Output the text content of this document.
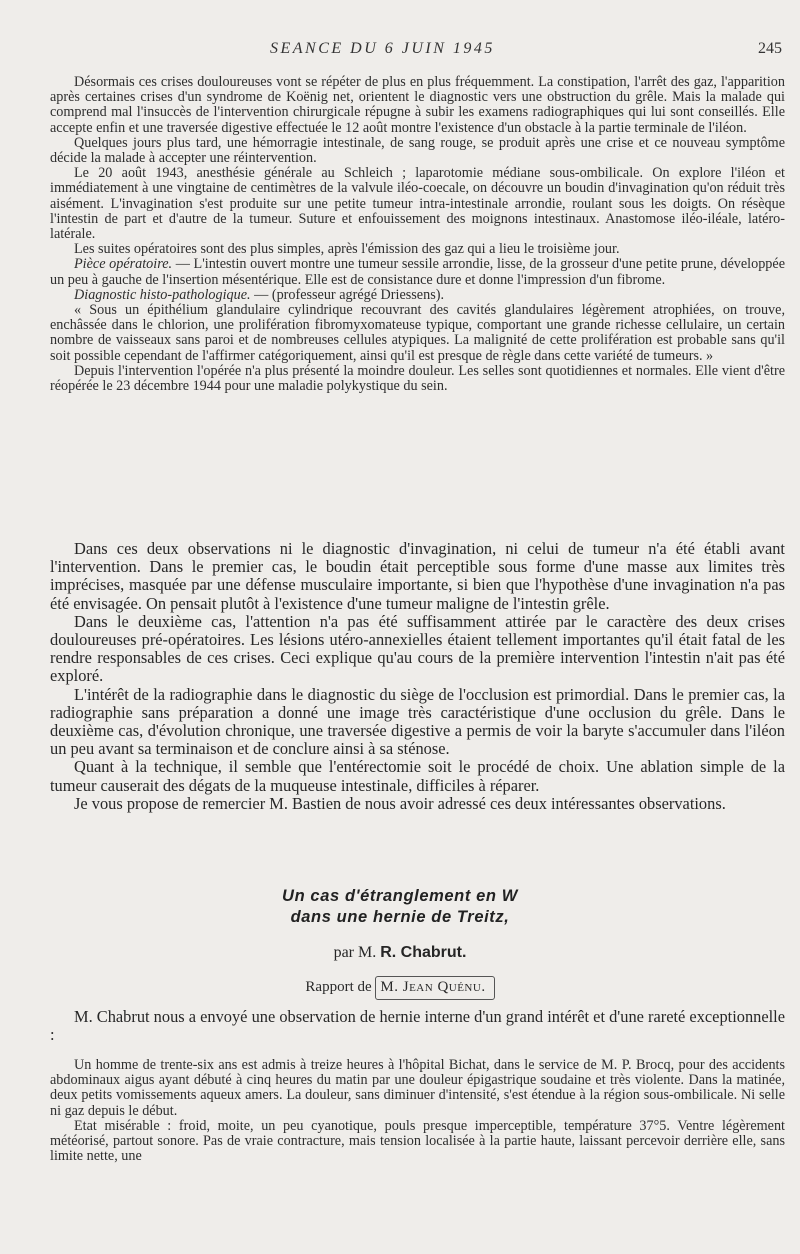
SEANCE DU 6 JUIN 1945	245

Désormais ces crises douloureuses vont se répéter de plus en plus fréquemment. La constipation, l'arrêt des gaz, l'apparition après certaines crises d'un syndrome de Koënig net, orientent le diagnostic vers une obstruction du grêle. Mais la malade qui comprend mal l'insuccès de l'intervention chirurgicale répugne à subir les examens radiographiques qui lui sont conseillés. Elle accepte enfin et une traversée digestive effectuée le 12 août montre l'existence d'un obstacle à la partie terminale de l'iléon.

Quelques jours plus tard, une hémorragie intestinale, de sang rouge, se produit après une crise et ce nouveau symptôme décide la malade à accepter une réintervention.

Le 20 août 1943, anesthésie générale au Schleich ; laparotomie médiane sous-ombilicale. On explore l'iléon et immédiatement à une vingtaine de centimètres de la valvule iléo-coecale, on découvre un boudin d'invagination qu'on réduit très aisément. L'invagination s'est produite sur une petite tumeur intra-intestinale arrondie, roulant sous les doigts. On résèque l'intestin de part et d'autre de la tumeur. Suture et enfouissement des moignons intestinaux. Anastomose iléo-iléale, latéro-latérale.

Les suites opératoires sont des plus simples, après l'émission des gaz qui a lieu le troisième jour.

Pièce opératoire. — L'intestin ouvert montre une tumeur sessile arrondie, lisse, de la grosseur d'une petite prune, développée un peu à gauche de l'insertion mésentérique. Elle est de consistance dure et donne l'impression d'un fibrome.

Diagnostic histo-pathologique. — (professeur agrégé Driessens).

« Sous un épithélium glandulaire cylindrique recouvrant des cavités glandulaires légèrement atrophiées, on trouve, enchâssée dans le chlorion, une prolifération fibromyxomateuse typique, comportant une grande richesse cellulaire, un certain nombre de vaisseaux sans paroi et de nombreuses cellules atypiques. La malignité de cette prolifération est probable sans qu'il soit possible cependant de l'affirmer catégoriquement, ainsi qu'il est presque de règle dans cette variété de tumeurs. »

Depuis l'intervention l'opérée n'a plus présenté la moindre douleur. Les selles sont quotidiennes et normales. Elle vient d'être réopérée le 23 décembre 1944 pour une maladie polykystique du sein.

Dans ces deux observations ni le diagnostic d'invagination, ni celui de tumeur n'a été établi avant l'intervention. Dans le premier cas, le boudin était perceptible sous forme d'une masse aux limites très imprécises, masquée par une défense musculaire importante, si bien que l'hypothèse d'une invagination n'a pas été envisagée. On pensait plutôt à l'existence d'une tumeur maligne de l'intestin grêle.

Dans le deuxième cas, l'attention n'a pas été suffisamment attirée par le caractère des deux crises douloureuses pré-opératoires. Les lésions utéro-annexielles étaient tellement importantes qu'il était fatal de les rendre responsables de ces crises. Ceci explique qu'au cours de la première intervention l'intestin n'ait pas été exploré.

L'intérêt de la radiographie dans le diagnostic du siège de l'occlusion est primordial. Dans le premier cas, la radiographie sans préparation a donné une image très caractéristique d'une occlusion du grêle. Dans le deuxième cas, d'évolution chronique, une traversée digestive a permis de voir la baryte s'accumuler dans l'iléon un peu avant sa terminaison et de conclure ainsi à sa sténose.

Quant à la technique, il semble que l'entérectomie soit le procédé de choix. Une ablation simple de la tumeur causerait des dégats de la muqueuse intestinale, difficiles à réparer.

Je vous propose de remercier M. Bastien de nous avoir adressé ces deux intéressantes observations.

Un cas d'étranglement en W
dans une hernie de Treitz,
par M. R. Chabrut.
Rapport de M. Jean Quénu.

M. Chabrut nous a envoyé une observation de hernie interne d'un grand intérêt et d'une rareté exceptionnelle :

Un homme de trente-six ans est admis à treize heures à l'hôpital Bichat, dans le service de M. P. Brocq, pour des accidents abdominaux aigus ayant débuté à cinq heures du matin par une douleur épigastrique soudaine et très violente. Dans la matinée, deux petits vomissements aqueux amers. La douleur, sans diminuer d'intensité, s'est étendue à la région sous-ombilicale. Ni selle ni gaz depuis le début.

Etat misérable : froid, moite, un peu cyanotique, pouls presque imperceptible, température 37°5. Ventre légèrement météorisé, partout sonore. Pas de vraie contracture, mais tension localisée à la partie haute, laissant percevoir derrière elle, sans limite nette, une
